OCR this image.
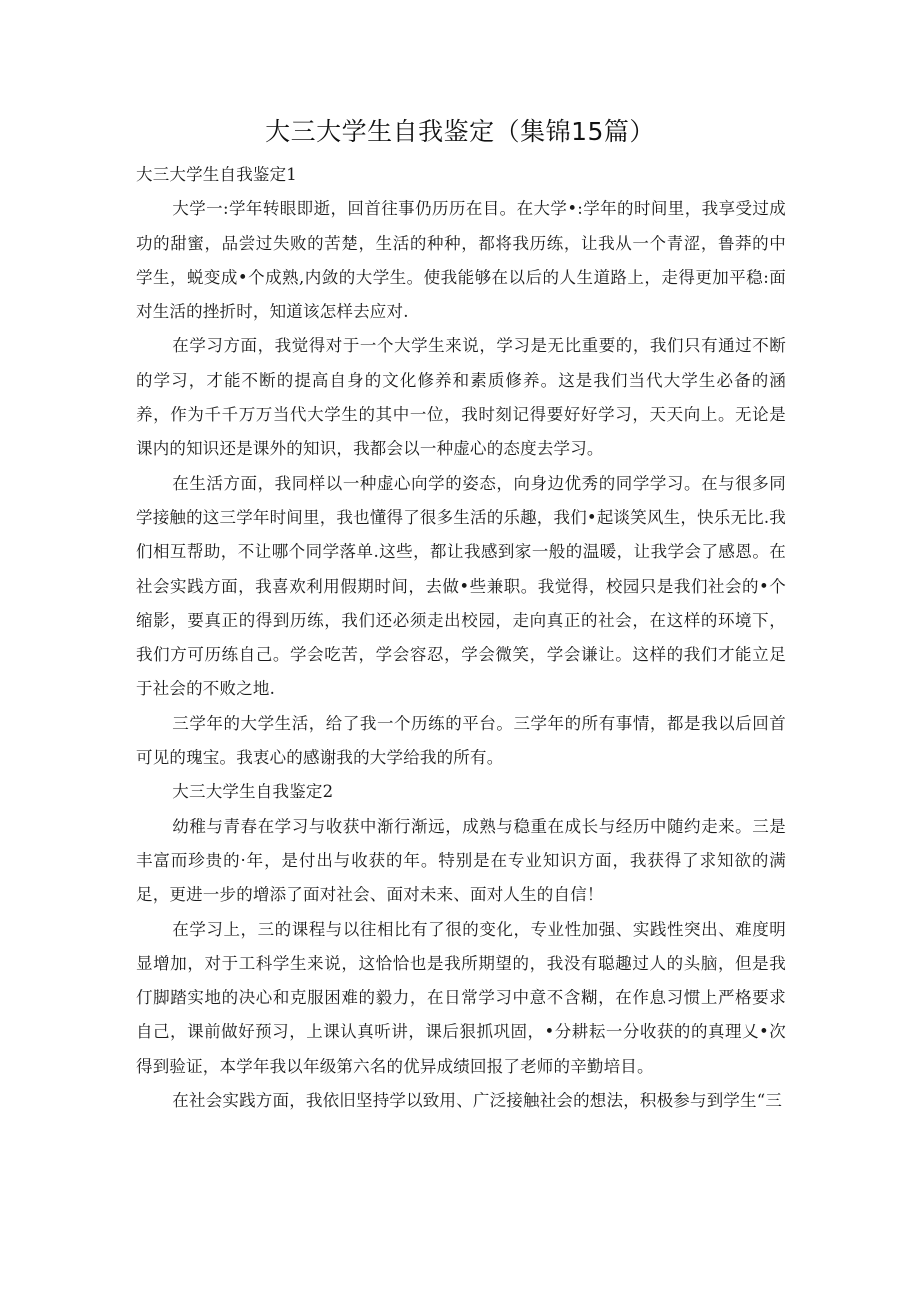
大三大学生自我鉴定（集锦15篇）

大三大学生自我鉴定1

大学一:学年转眼即逝，回首往事仍历历在目。在大学•:学年的时间里，我享受过成功的甜蜜，品尝过失败的苦楚，生活的种种，都将我历练，让我从一个青涩，鲁莽的中学生，蜕变成•个成熟,内敛的大学生。使我能够在以后的人生道路上，走得更加平稳:面对生活的挫折时，知道该怎样去应对.

在学习方面，我觉得对于一个大学生来说，学习是无比重要的，我们只有通过不断的学习，才能不断的提高自身的文化修养和素质修养。这是我们当代大学生必备的涵养，作为千千万万当代大学生的其中一位，我时刻记得要好好学习，天天向上。无论是课内的知识还是课外的知识，我都会以一种虚心的态度去学习。

在生活方面，我同样以一种虚心向学的姿态，向身边优秀的同学学习。在与很多同学接触的这三学年时间里，我也懂得了很多生活的乐趣，我们•起谈笑风生，快乐无比.我们相互帮助，不让哪个同学落单.这些，都让我感到家一般的温暖，让我学会了感恩。在社会实践方面，我喜欢利用假期时间，去做•些兼职。我觉得，校园只是我们社会的•个缩影，要真正的得到历练，我们还必须走出校园，走向真正的社会，在这样的环境下，我们方可历练自己。学会吃苦，学会容忍，学会微笑，学会谦让。这样的我们才能立足于社会的不败之地.

三学年的大学生活，给了我一个历练的平台。三学年的所有事情，都是我以后回首可见的瑰宝。我衷心的感谢我的大学给我的所有。

大三大学生自我鉴定2

幼稚与青春在学习与收获中渐行渐远，成熟与稳重在成长与经历中随约走来。三是丰富而珍贵的·年，是付出与收获的年。特别是在专业知识方面，我获得了求知欲的满足，更进一步的增添了面对社会、面对未来、面对人生的自信！

在学习上，三的课程与以往相比有了很的变化，专业性加强、实践性突出、难度明显增加，对于工科学生来说，这恰恰也是我所期望的，我没有聪趣过人的头脑，但是我仃脚踏实地的决心和克服困难的毅力，在日常学习中意不含糊，在作息习惯上严格要求自己，课前做好预习，上课认真听讲，课后狠抓巩固，•分耕耘一分收获的的真理乂•次得到验证，本学年我以年级第六名的优异成绩回报了老师的辛勤培目。

在社会实践方面，我依旧坚持学以致用、广泛接触社会的想法，积极参与到学生“三
